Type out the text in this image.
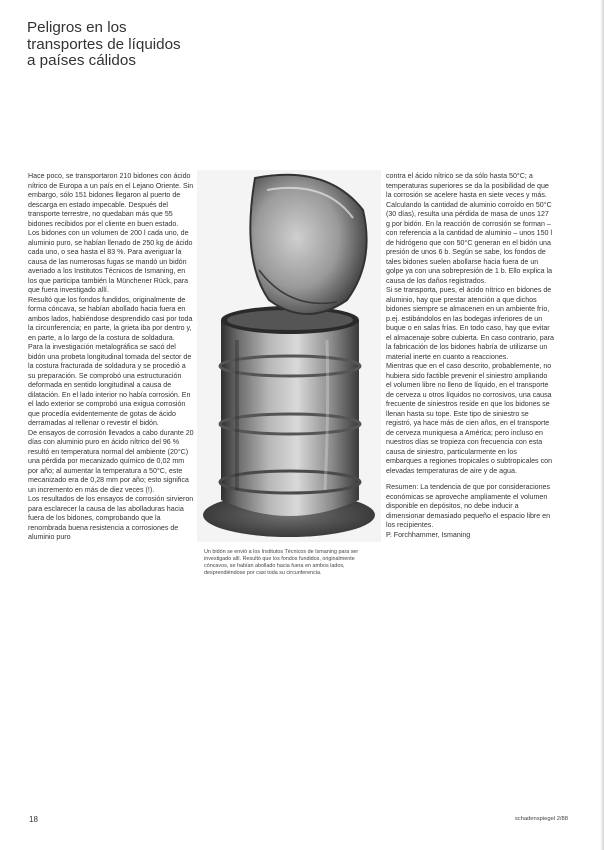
Peligros en los
transportes de líquidos
a países cálidos

Hace poco, se transportaron 210 bidones con ácido nítrico de Europa a un país en el Lejano Oriente. Sin embargo, sólo 151 bidones llegaron al puerto de descarga en estado impecable. Después del transporte terrestre, no quedaban más que 55 bidones recibidos por el cliente en buen estado.

Los bidones con un volumen de 200 l cada uno, de aluminio puro, se habían llenado de 250 kg de ácido cada uno, o sea hasta el 83 %. Para averiguar la causa de las numerosas fugas se mandó un bidón averiado a los Institutos Técnicos de Ismaning, en los que participa también la Münchener Rück, para que fuera investigado allí.

Resultó que los fondos fundidos, originalmente de forma cóncava, se habían abollado hacia fuera en ambos lados, habiéndose desprendido casi por toda la circunferencia; en parte, la grieta iba por dentro y, en parte, a lo largo de la costura de soldadura.

Para la investigación metalográfica se sacó del bidón una probeta longitudinal tomada del sector de la costura fracturada de soldadura y se procedió a su preparación. Se comprobó una estructuración deformada en sentido longitudinal a causa de dilatación. En el lado interior no había corrosión. En el lado exterior se comprobó una exigua corrosión que procedía evidentemente de gotas de ácido derramadas al rellenar o revestir el bidón.

De ensayos de corrosión llevados a cabo durante 20 días con aluminio puro en ácido nítrico del 96 % resultó en temperatura normal del ambiente (20°C) una pérdida por mecanizado químico de 0,02 mm por año; al aumentar la temperatura a 50°C, este mecanizado era de 0,28 mm por año; esto significa un incremento en más de diez veces (!).

Los resultados de los ensayos de corrosión sirvieron para esclarecer la causa de las abolladuras hacia fuera de los bidones, comprobando que la renombrada buena resistencia a corrosiones de aluminio puro

Un bidón se envió a los Institutos Técnicos de Ismaning para ser investigado allí. Resultó que los fondos fundidos, originalmente cóncavos, se habían abollado hacia fuera en ambos lados, desprendiéndose por casi toda su circunferencia.

contra el ácido nítrico se da sólo hasta 50°C; a temperaturas superiores se da la posibilidad de que la corrosión se acelere hasta en siete veces y más. Calculando la cantidad de aluminio corroído en 50°C (30 días), resulta una pérdida de masa de unos 127 g por bidón. En la reacción de corrosión se forman – con referencia a la cantidad de aluminio – unos 150 l de hidrógeno que con 50°C generan en el bidón una presión de unos 6 b. Según se sabe, los fondos de tales bidones suelen abollarse hacia fuera de un golpe ya con una sobrepresión de 1 b. Ello explica la causa de los daños registrados.

Si se transporta, pues, el ácido nítrico en bidones de aluminio, hay que prestar atención a que dichos bidones siempre se almacenen en un ambiente frío, p.ej. estibándolos en las bodegas inferiores de un buque o en salas frías. En todo caso, hay que evitar el almacenaje sobre cubierta. En caso contrario, para la fabricación de los bidones habría de utilizarse un material inerte en cuanto a reacciones.

Mientras que en el caso descrito, probablemente, no hubiera sido factible prevenir el siniestro ampliando el volumen libre no lleno de líquido, en el transporte de cerveza u otros líquidos no corrosivos, una causa frecuente de siniestros reside en que los bidones se llenan hasta su tope. Este tipo de siniestro se registró, ya hace más de cien años, en el transporte de cerveza muniquesa a América; pero incluso en nuestros días se tropieza con frecuencia con esta causa de siniestro, particularmente en los embarques a regiones tropicales o subtropicales con elevadas temperaturas de aire y de agua.

Resumen: La tendencia de que por consideraciones económicas se aproveche ampliamente el volumen disponible en depósitos, no debe inducir a dimensionar demasiado pequeño el espacio libre en los recipientes.

P. Forchhammer, Ismaning

18	schadenspiegel 2/88
